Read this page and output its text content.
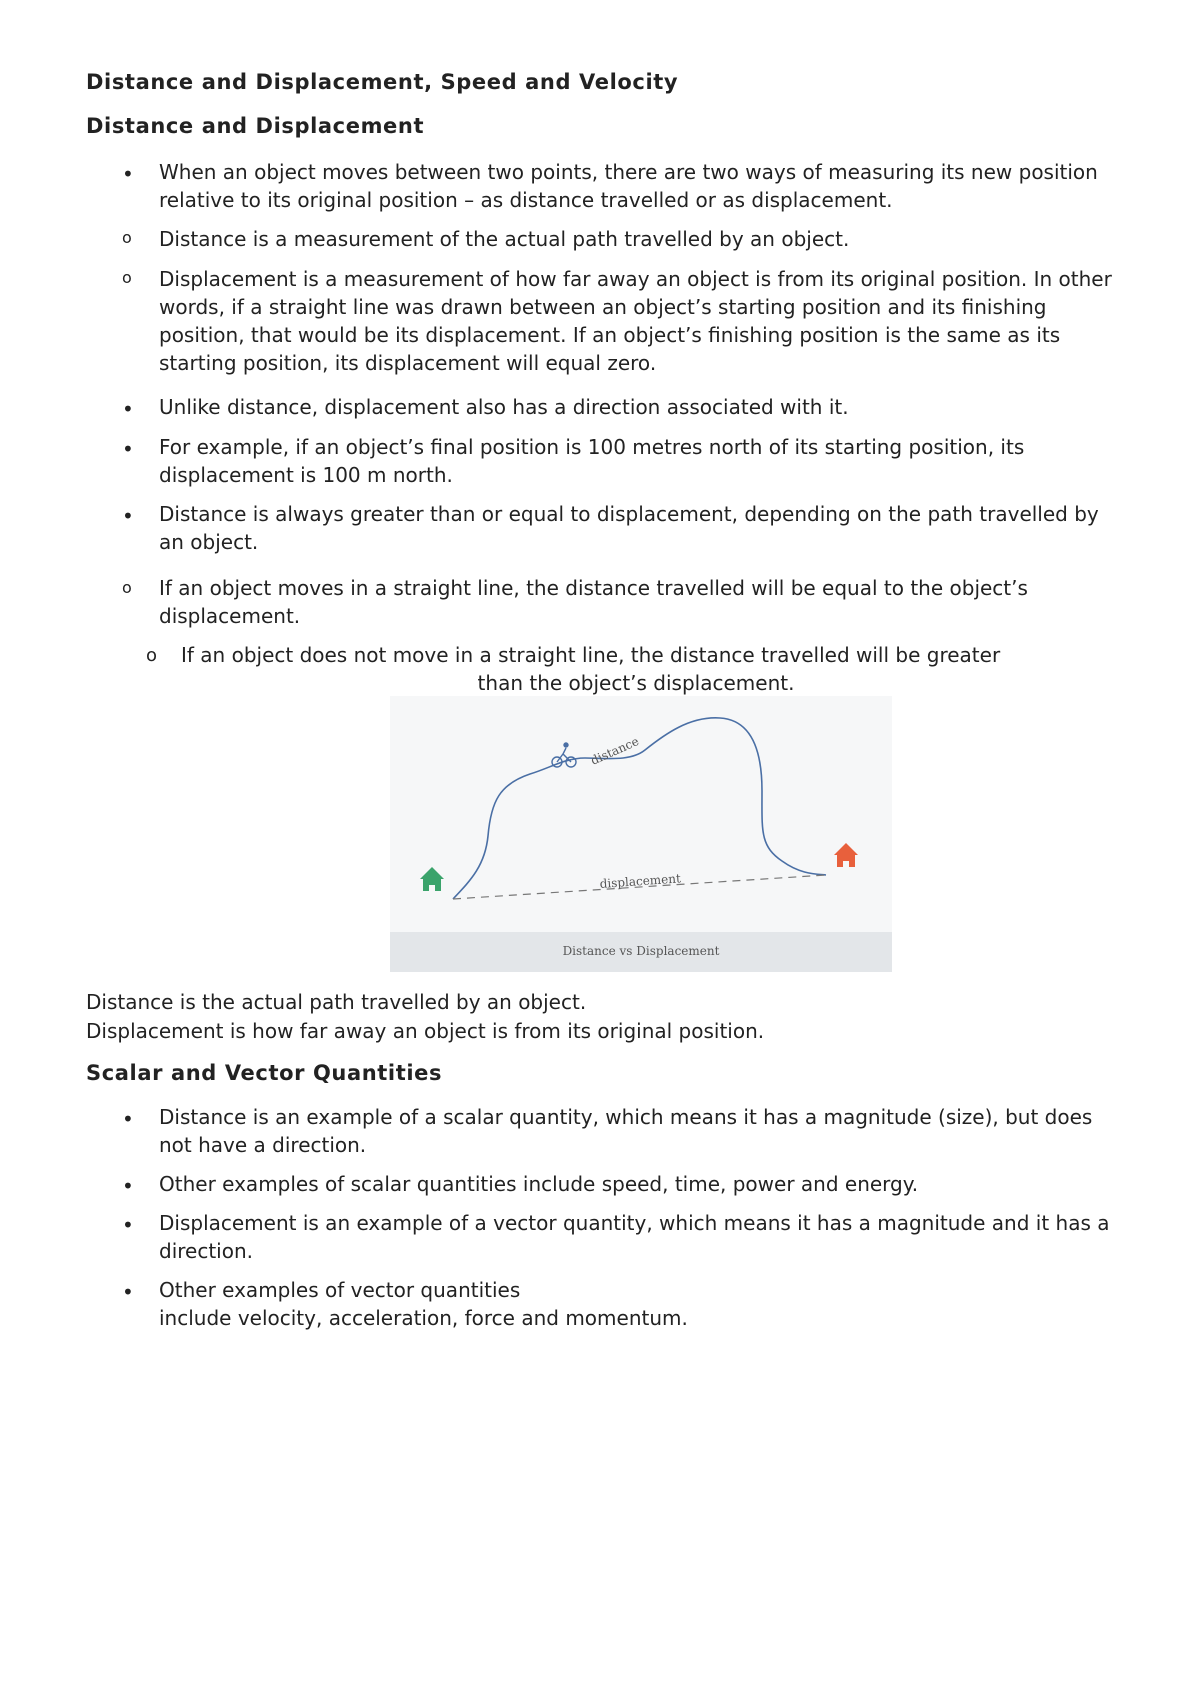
Distance and Displacement, Speed and Velocity
Distance and Displacement
•	When an object moves between two points, there are two ways of measuring its new position relative to its original position – as distance travelled or as displacement.

o	Distance is a measurement of the actual path travelled by an object.

o	Displacement is a measurement of how far away an object is from its original position. In other words, if a straight line was drawn between an object’s starting position and its finishing position, that would be its displacement. If an object’s finishing position is the same as its starting position, its displacement will equal zero.

•	Unlike distance, displacement also has a direction associated with it.

•	For example, if an object’s final position is 100 metres north of its starting position, its displacement is 100 m north.

•	Distance is always greater than or equal to displacement, depending on the path travelled by an object.

o	If an object moves in a straight line, the distance travelled will be equal to the object’s displacement.

o If an object does not move in a straight line, the distance travelled will be greater

than the object’s displacement.

distance
displacement
Distance vs Displacement

Distance is the actual path travelled by an object.

Displacement is how far away an object is from its original position.

Scalar and Vector Quantities
•	Distance is an example of a scalar quantity, which means it has a magnitude (size), but does not have a direction.

•	Other examples of scalar quantities include speed, time, power and energy.

•	Displacement is an example of a vector quantity, which means it has a magnitude and it has a direction.

•	Other examples of vector quantities

include velocity, acceleration, force and momentum.
